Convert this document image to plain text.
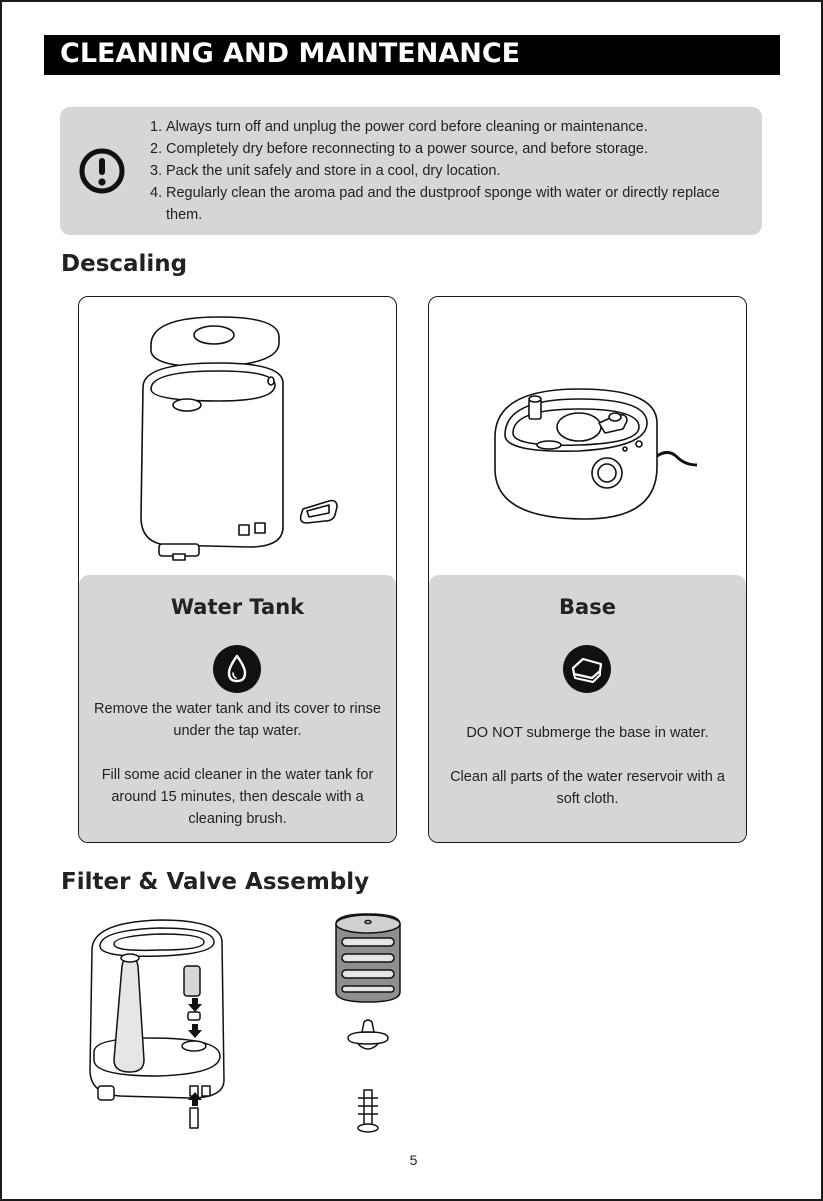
CLEANING AND MAINTENANCE
1. Always turn off and unplug the power cord before cleaning or maintenance.
2. Completely dry before reconnecting to a power source, and before storage.
3. Pack the unit safely and store in a cool, dry location.
4. Regularly clean the aroma pad and the dustproof sponge with water or directly replace them.
Descaling
Water Tank
Remove the water tank and its cover to rinse under the tap water.
Fill some acid cleaner in the water tank for around 15 minutes, then descale with a cleaning brush.
Base
DO NOT submerge the base in water.
Clean all parts of the water reservoir with a soft cloth.
Filter & Valve Assembly
5
